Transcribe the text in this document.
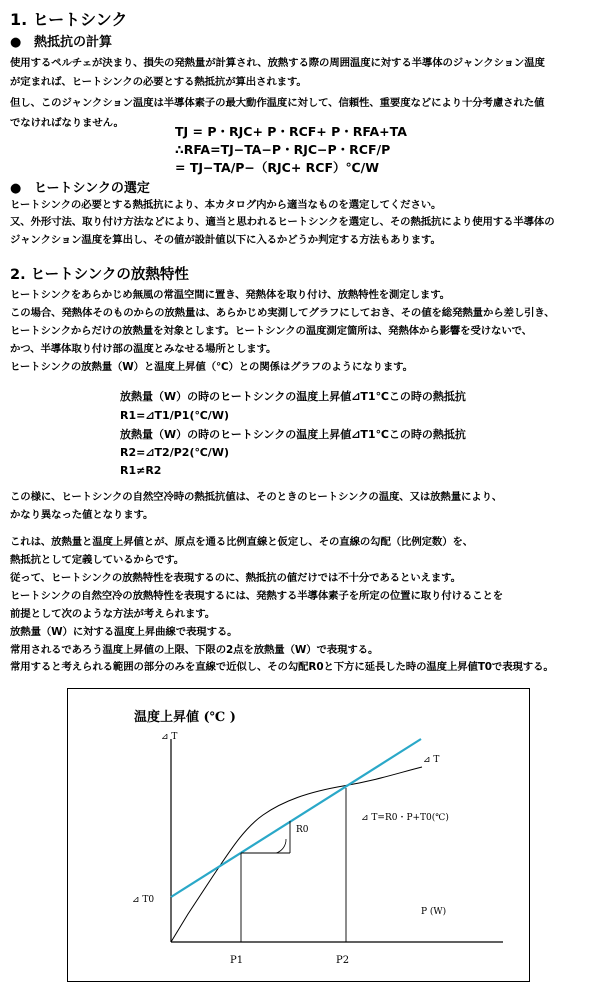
1. ヒートシンク
● 熱抵抗の計算
使用するペルチェが決まり、損失の発熱量が計算され、放熱する際の周囲温度に対する半導体のジャンクション温度
が定まれば、ヒートシンクの必要とする熱抵抗が算出されます。
但し、このジャンクション温度は半導体素子の最大動作温度に対して、信頼性、重要度などにより十分考慮された値
でなければなりません。
TJ = P・RJC+ P・RCF+ P・RFA+TA
∴RFA=TJ−TA−P・RJC−P・RCF/P
= TJ−TA/P−（RJC+ RCF）℃/W
● ヒートシンクの選定
ヒートシンクの必要とする熱抵抗により、本カタログ内から適当なものを選定してください。
又、外形寸法、取り付け方法などにより、適当と思われるヒートシンクを選定し、その熱抵抗により使用する半導体の
ジャンクション温度を算出し、その値が設計値以下に入るかどうか判定する方法もあります。
2. ヒートシンクの放熱特性
ヒートシンクをあらかじめ無風の常温空間に置き、発熱体を取り付け、放熱特性を測定します。
この場合、発熱体そのものからの放熱量は、あらかじめ実測してグラフにしておき、その値を総発熱量から差し引き、
ヒートシンクからだけの放熱量を対象とします。ヒートシンクの温度測定箇所は、発熱体から影響を受けないで、
かつ、半導体取り付け部の温度とみなせる場所とします。
ヒートシンクの放熱量（W）と温度上昇値（℃）との関係はグラフのようになります。
放熱量（W）の時のヒートシンクの温度上昇値⊿T1℃この時の熱抵抗
R1=⊿T1/P1(℃/W)
放熱量（W）の時のヒートシンクの温度上昇値⊿T1℃この時の熱抵抗
R2=⊿T2/P2(℃/W)
R1≠R2
この様に、ヒートシンクの自然空冷時の熱抵抗値は、そのときのヒートシンクの温度、又は放熱量により、
かなり異なった値となります。
これは、放熱量と温度上昇値とが、原点を通る比例直線と仮定し、その直線の勾配（比例定数）を、
熱抵抗として定義しているからです。
従って、ヒートシンクの放熱特性を表現するのに、熱抵抗の値だけでは不十分であるといえます。
ヒートシンクの自然空冷の放熱特性を表現するには、発熱する半導体素子を所定の位置に取り付けることを
前提として次のような方法が考えられます。
放熱量（W）に対する温度上昇曲線で表現する。
常用されるであろう温度上昇値の上限、下限の2点を放熱量（W）で表現する。
常用すると考えられる範囲の部分のみを直線で近似し、その勾配R0と下方に延長した時の温度上昇値T0で表現する。
温度上昇値 (℃ )
⊿ T
⊿ T
⊿ T=R0・P+T0(℃)
R0
⊿ T0
P (W)
P1	P2
